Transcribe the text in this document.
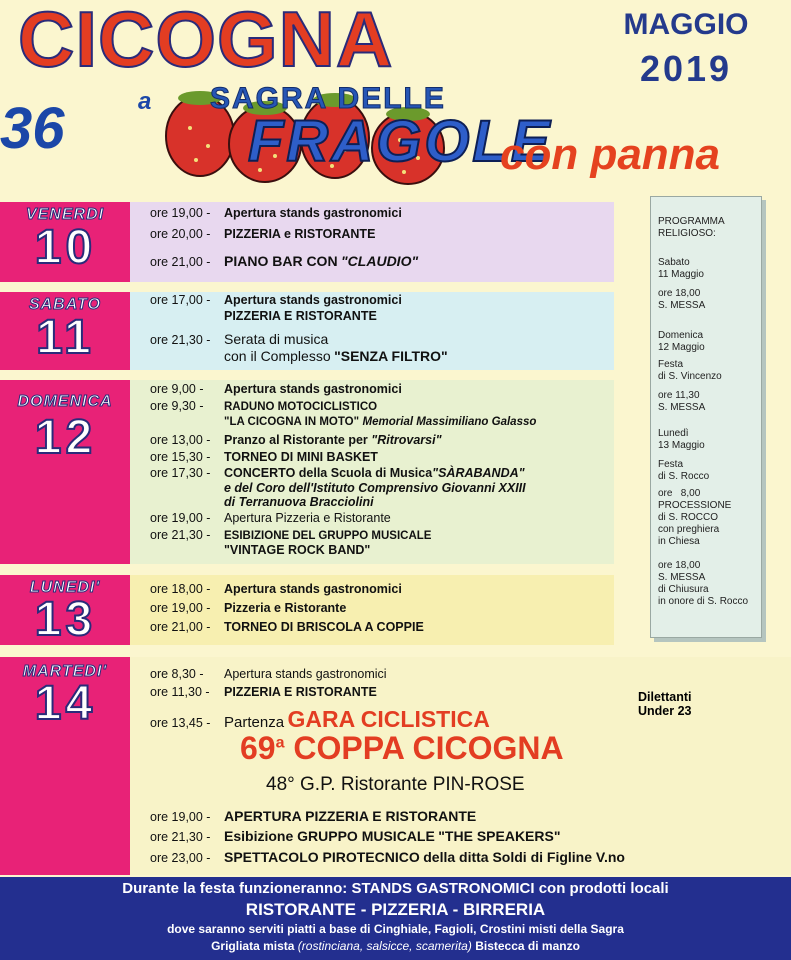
CICOGNA	MAGGIO
2019
36	a SAGRA DELLE
FRAGOLE
con panna
VENERDI
10
ore 19,00 - Apertura stands gastronomici
ore 20,00 - PIZZERIA e RISTORANTE
ore 21,00 - PIANO BAR CON "CLAUDIO"
SABATO
11
ore 17,00 - Apertura stands gastronomici
PIZZERIA E RISTORANTE
ore 21,30 - Serata di musica
con il Complesso "SENZA FILTRO"
DOMENICA
12
ore 9,00 - Apertura stands gastronomici
ore 9,30 - RADUNO MOTOCICLISTICO
"LA CICOGNA IN MOTO" Memorial Massimiliano Galasso
ore 13,00 - Pranzo al Ristorante per "Ritrovarsi"
ore 15,30 - TORNEO DI MINI BASKET
ore 17,30 - CONCERTO della Scuola di Musica"SÀRABANDA"
e del Coro dell'Istituto Comprensivo Giovanni XXIII
di Terranuova Bracciolini
ore 19,00 - Apertura Pizzeria e Ristorante
ore 21,30 - ESIBIZIONE DEL GRUPPO MUSICALE
"VINTAGE ROCK BAND"
LUNEDI'
13
ore 18,00 - Apertura stands gastronomici
ore 19,00 - Pizzeria e Ristorante
ore 21,00 - TORNEO DI BRISCOLA A COPPIE
MARTEDI'
14
ore 8,30 - Apertura stands gastronomici
ore 11,30 - PIZZERIA E RISTORANTE
ore 13,45 - Partenza GARA CICLISTICA
Dilettanti
Under 23
69$^a$ COPPA CICOGNA
48° G.P. Ristorante PIN-ROSE
ore 19,00 - APERTURA PIZZERIA E RISTORANTE
ore 21,30 - Esibizione GRUPPO MUSICALE "THE SPEAKERS"
ore 23,00 - SPETTACOLO PIROTECNICO della ditta Soldi di Figline V.no
PROGRAMMA
RELIGIOSO:
Sabato
11 Maggio
ore 18,00
S. MESSA
Domenica
12 Maggio
Festa
di S. Vincenzo
ore 11,30
S. MESSA
Lunedì
13 Maggio
Festa
di S. Rocco
ore   8,00
PROCESSIONE
di S. ROCCO
con preghiera
in Chiesa
ore 18,00
S. MESSA
di Chiusura
in onore di S. Rocco
Durante la festa funzioneranno: STANDS GASTRONOMICI con prodotti locali
RISTORANTE - PIZZERIA - BIRRERIA
dove saranno serviti piatti a base di Cinghiale, Fagioli, Crostini misti della Sagra
Grigliata mista (rostinciana, salsicce, scamerita) Bistecca di manzo
